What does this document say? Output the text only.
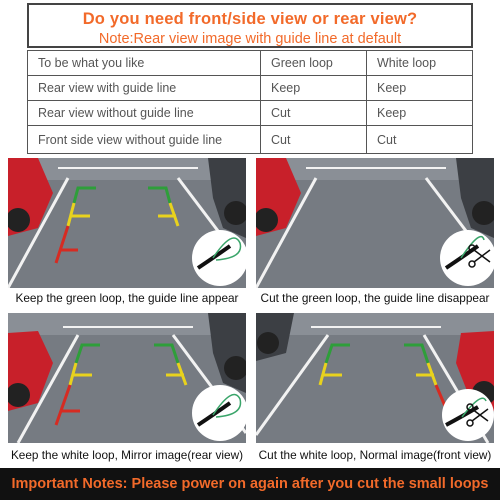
Do you need front/side view or rear view?
Note:Rear view image with guide line at default
To be what you like	Green loop	White loop
Rear view with guide line	Keep	Keep
Rear view without guide line	Cut	Keep
Front side view without guide line	Cut	Cut
Keep the green loop, the guide line appear	Cut the green loop, the guide line disappear
Keep the white loop, Mirror image(rear view) Cut the white loop, Normal image(front view)
Important Notes: Please power on again after you cut the small loops
